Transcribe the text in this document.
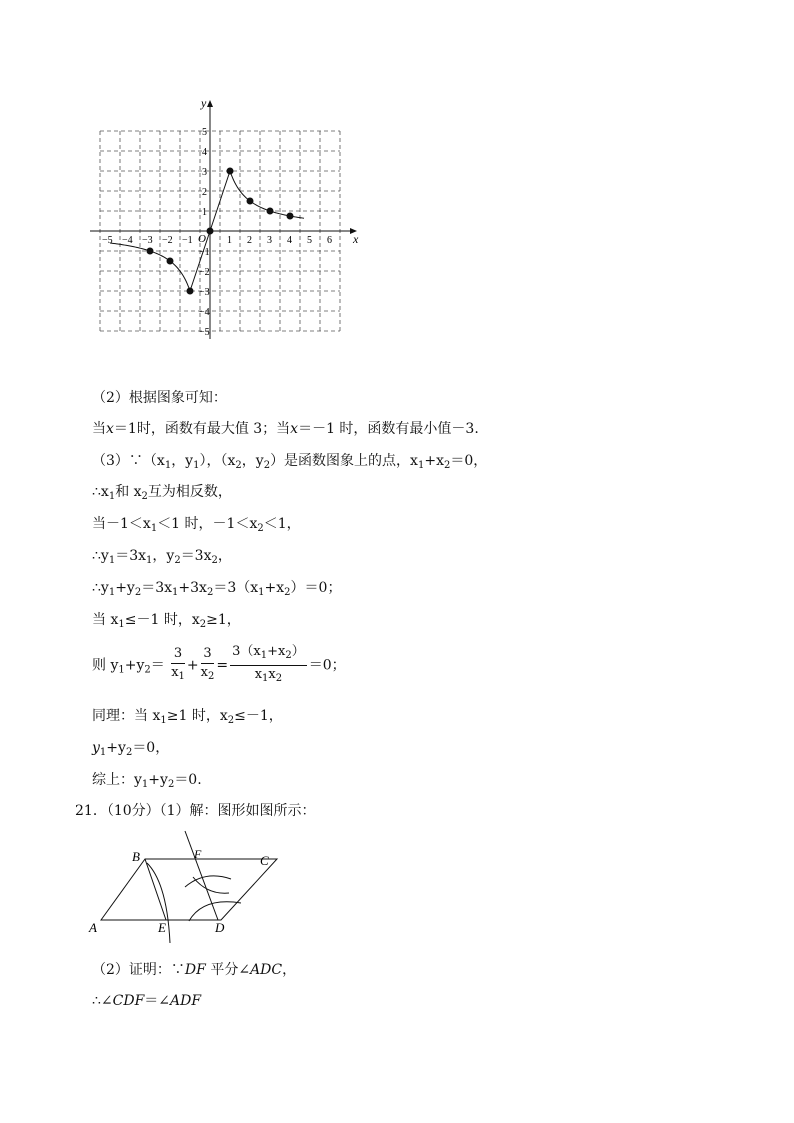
y
x
O
−5 −4 −3 −2 −1	1 2 3 4 5 6
5
4
3
2
1
−1
−2
−3
−4
−5
（2）根据图象可知：
当x＝1时，函数有最大值 3；当x＝－1 时，函数有最小值－3.
$(3)\because(x_1$，$y_1$），（$x_2$，$y_2$）是函数图象上的点，$x_1+x_2=0$，
$\therefore x_1$和 $x_2$互为相反数，
当$-1<x_1<1$ 时，$-1<x_2<1$，
$\therefore y_1=3x_1$，$y_2=3x_2$，
$\therefore y_1+y_2=3x_1+3x_2=3(x_1+x_2)=0$；
当 $x_1\le-1$ 时，$x_2\ge 1$，
则 $y_1+y_2= \frac{3}{x_1} + \frac{3}{x_2} = \frac{3(x_1+x_2)}{x_1x_2} =0$；
同理：当 $x_1\ge 1$ 时，$x_2\le-1$，
$y_1+y_2=0$，
综上：$y_1+y_2=0$.
21．（10分）（1）解：图形如图所示：
A
B	C
D
E
F
（2）证明：∵DF 平分∠ADC，
∴∠CDF＝∠ADF
